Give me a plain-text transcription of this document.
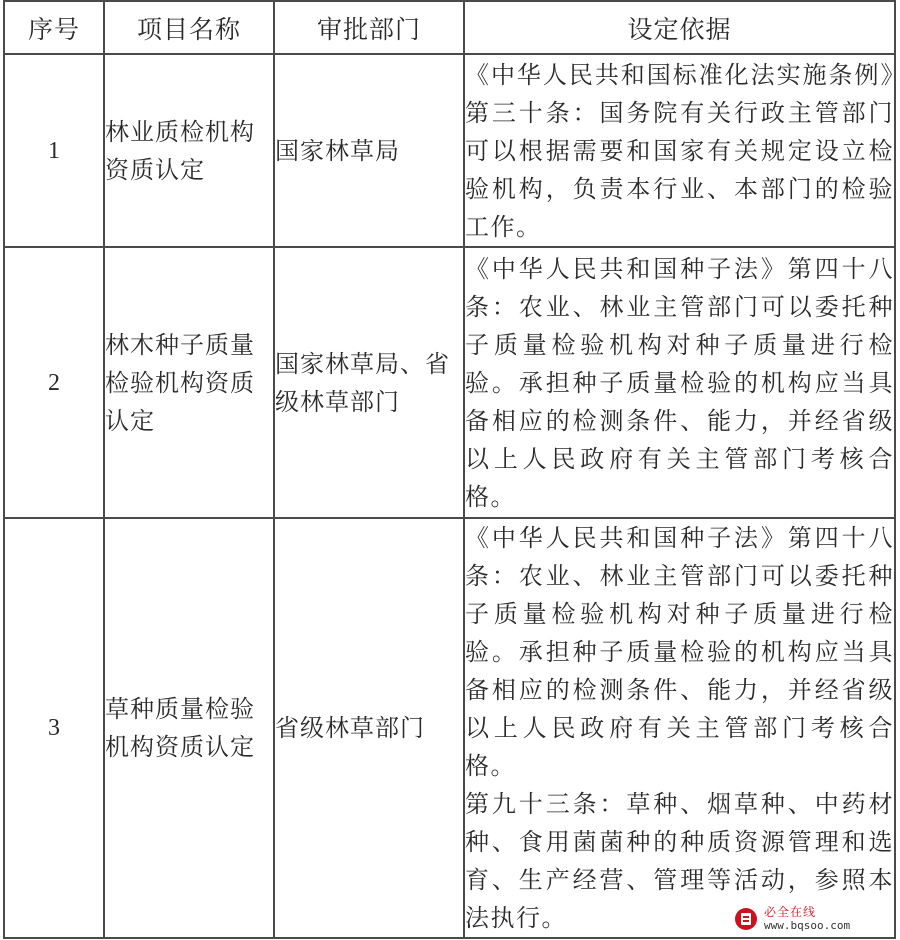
序号	项目名称	审批部门	设定依据
1	林业质检机构资质认定	国家林草局	《中华人民共和国标准化法实施条例》第三十条：国务院有关行政主管部门可以根据需要和国家有关规定设立检验机构，负责本行业、本部门的检验工作。

2	林木种子质量检验机构资质认定	国家林草局、省级林草部门	《中华人民共和国种子法》第四十八条：农业、林业主管部门可以委托种子质量检验机构对种子质量进行检验。承担种子质量检验的机构应当具备相应的检测条件、能力，并经省级以上人民政府有关主管部门考核合格。

3	草种质量检验机构资质认定	省级林草部门	《中华人民共和国种子法》第四十八条：农业、林业主管部门可以委托种子质量检验机构对种子质量进行检验。承担种子质量检验的机构应当具备相应的检测条件、能力，并经省级以上人民政府有关主管部门考核合格。
第九十三条：草种、烟草种、中药材种、食用菌菌种的种质资源管理和选育、生产经营、管理等活动，参照本法执行。	必全在线
www.bqsoo.com
